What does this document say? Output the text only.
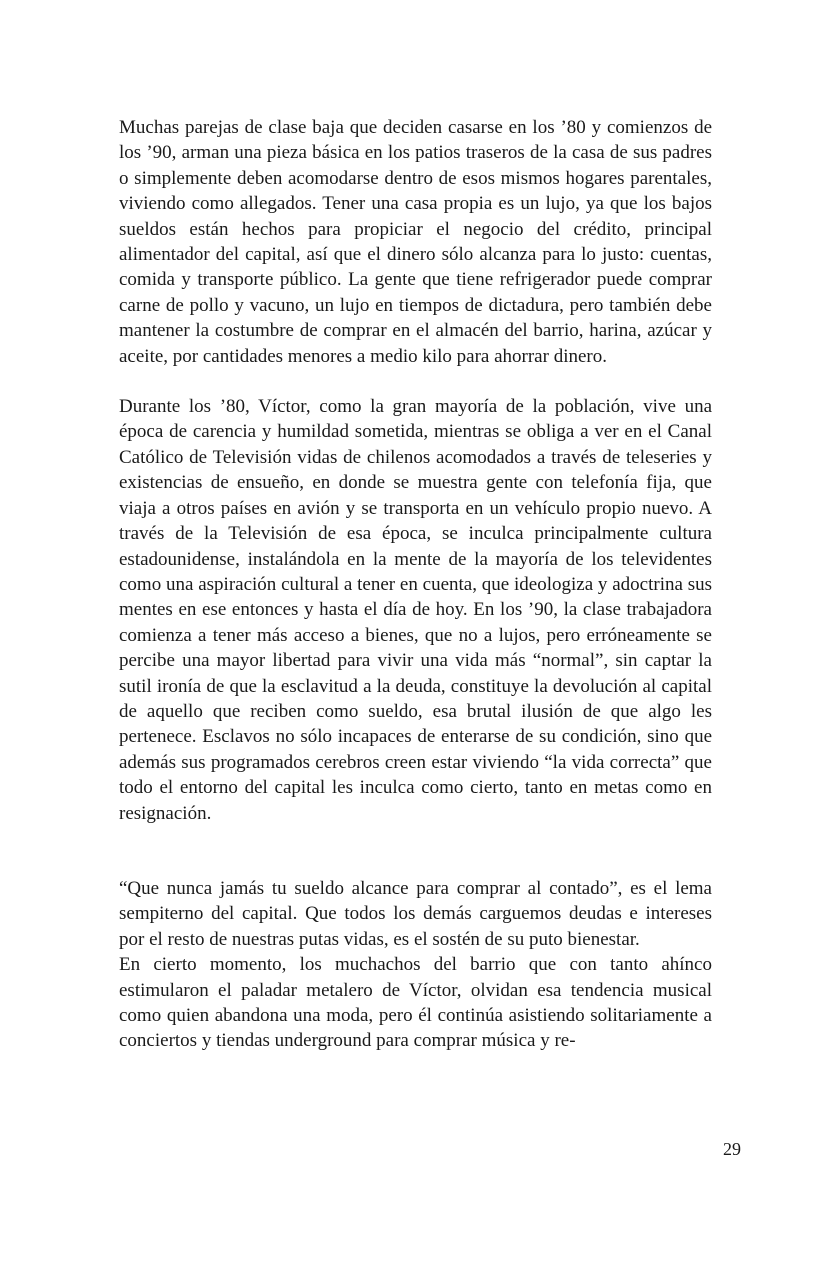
Muchas parejas de clase baja que deciden casarse en los ’80 y comienzos de los ’90, arman una pieza básica en los patios traseros de la casa de sus padres o simplemente deben acomodarse dentro de esos mismos hogares parentales, viviendo como allegados. Tener una casa propia es un lujo, ya que los bajos sueldos están hechos para propiciar el negocio del crédito, principal alimentador del capital, así que el dinero sólo alcanza para lo justo: cuentas, comida y transporte público. La gente que tiene refrigerador puede comprar carne de pollo y vacuno, un lujo en tiempos de dictadura, pero también debe mantener la costumbre de comprar en el almacén del barrio, harina, azúcar y aceite, por cantidades menores a medio kilo para ahorrar dinero.

Durante los ’80, Víctor, como la gran mayoría de la población, vive una época de carencia y humildad sometida, mientras se obliga a ver en el Canal Católico de Televisión vidas de chilenos acomodados a través de teleseries y existencias de ensueño, en donde se muestra gente con telefonía fija, que viaja a otros países en avión y se transporta en un vehículo propio nuevo. A través de la Televisión de esa época, se inculca principalmente cultura estadounidense, instalándola en la mente de la mayoría de los televidentes como una aspiración cultural a tener en cuenta, que ideologiza y adoctrina sus mentes en ese entonces y hasta el día de hoy. En los ’90, la clase trabajadora comienza a tener más acceso a bienes, que no a lujos, pero erróneamente se percibe una mayor libertad para vivir una vida más “normal”, sin captar la sutil ironía de que la esclavitud a la deuda, constituye la devolución al capital de aquello que reciben como sueldo, esa brutal ilusión de que algo les pertenece. Esclavos no sólo incapaces de enterarse de su condición, sino que además sus programados cerebros creen estar viviendo “la vida correcta” que todo el entorno del capital les inculca como cierto, tanto en metas como en resignación.

“Que nunca jamás tu sueldo alcance para comprar al contado”, es el lema sempiterno del capital. Que todos los demás carguemos deudas e intereses por el resto de nuestras putas vidas, es el sostén de su puto bienestar.

En cierto momento, los muchachos del barrio que con tanto ahínco estimularon el paladar metalero de Víctor, olvidan esa tendencia musical como quien abandona una moda, pero él continúa asistiendo solitariamente a conciertos y tiendas underground para comprar música y re-

29
